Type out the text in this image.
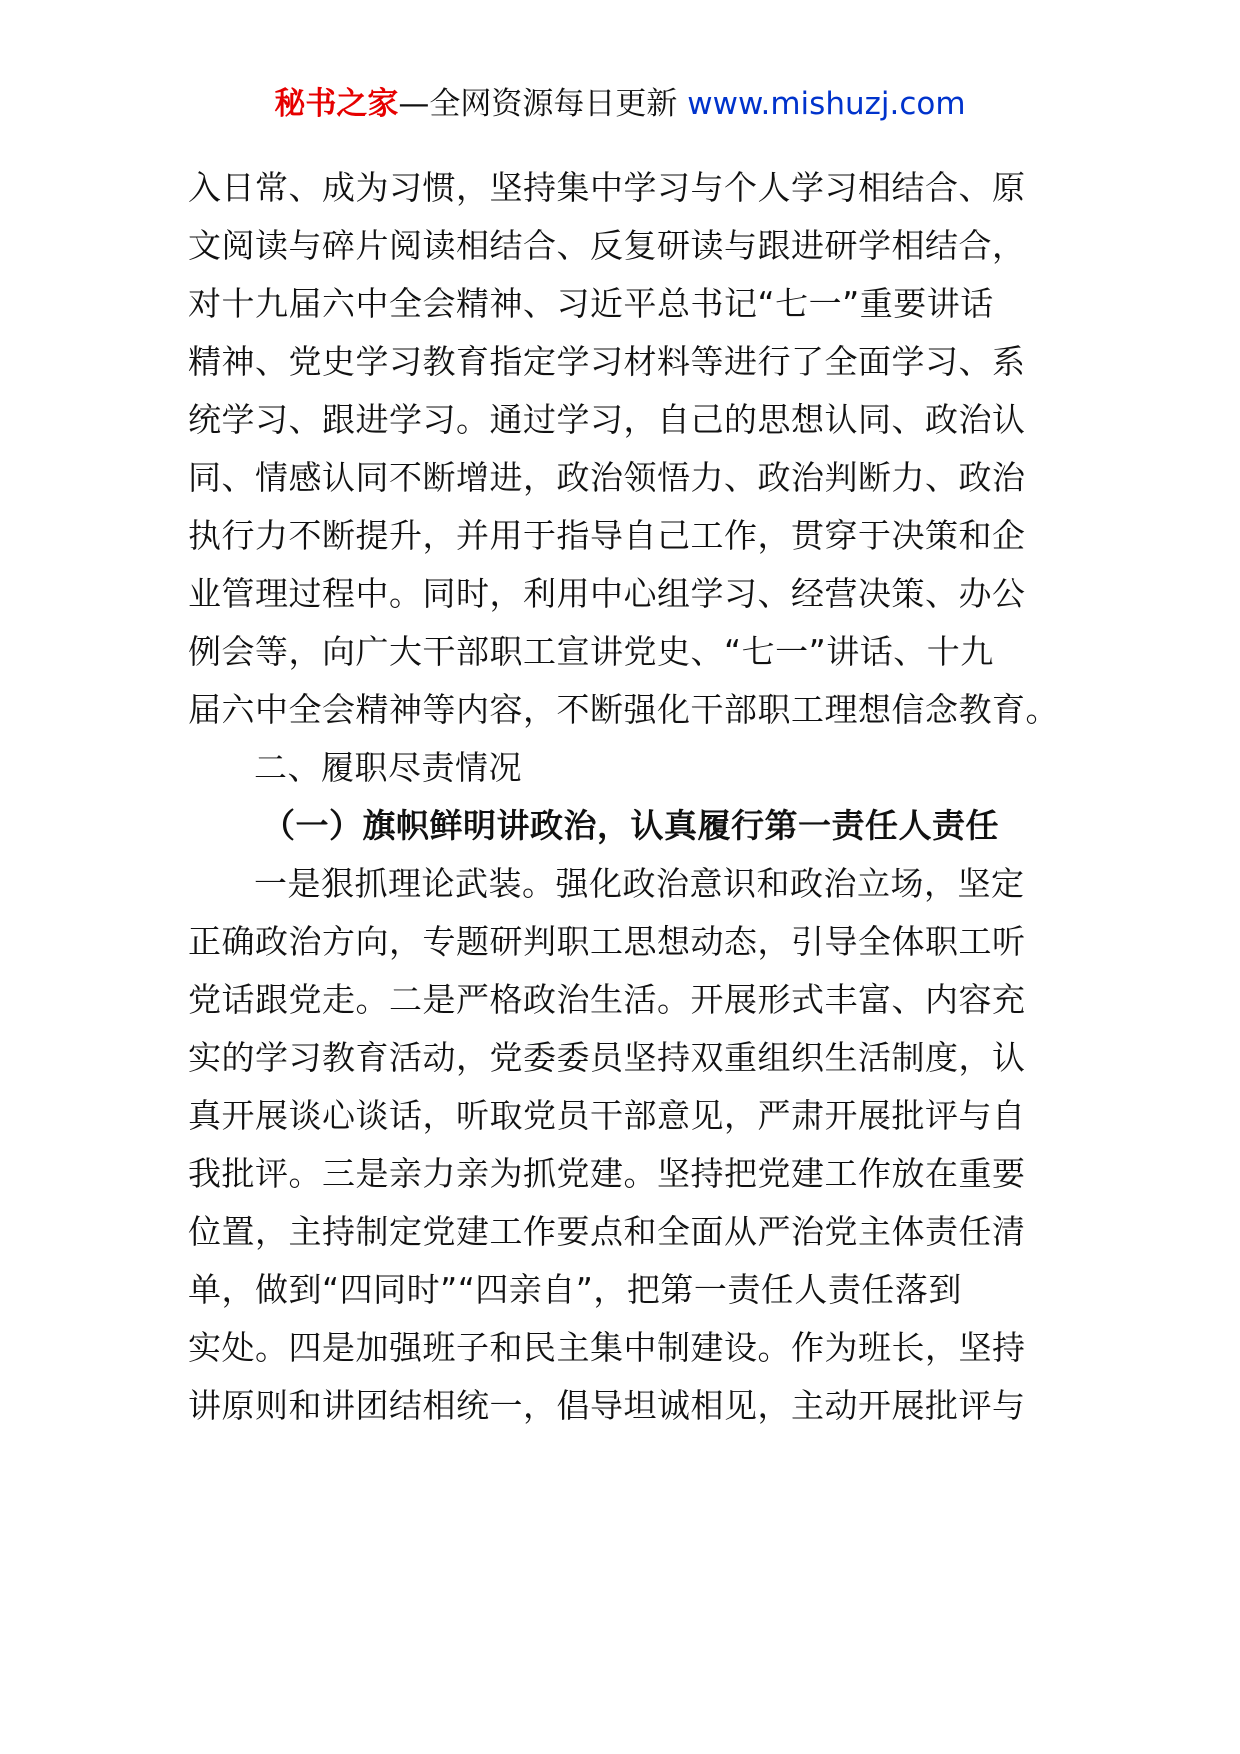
秘书之家—全网资源每日更新 www.mishuzj.com
入日常、成为习惯，坚持集中学习与个人学习相结合、原
文阅读与碎片阅读相结合、反复研读与跟进研学相结合，
对十九届六中全会精神、习近平总书记“七一”重要讲话
精神、党史学习教育指定学习材料等进行了全面学习、系
统学习、跟进学习。通过学习，自己的思想认同、政治认
同、情感认同不断增进，政治领悟力、政治判断力、政治
执行力不断提升，并用于指导自己工作，贯穿于决策和企
业管理过程中。同时，利用中心组学习、经营决策、办公
例会等，向广大干部职工宣讲党史、“七一”讲话、十九
届六中全会精神等内容，不断强化干部职工理想信念教育。
二、履职尽责情况
（一）旗帜鲜明讲政治，认真履行第一责任人责任
一是狠抓理论武装。强化政治意识和政治立场，坚定
正确政治方向，专题研判职工思想动态，引导全体职工听
党话跟党走。二是严格政治生活。开展形式丰富、内容充
实的学习教育活动，党委委员坚持双重组织生活制度，认
真开展谈心谈话，听取党员干部意见，严肃开展批评与自
我批评。三是亲力亲为抓党建。坚持把党建工作放在重要
位置，主持制定党建工作要点和全面从严治党主体责任清
单，做到“四同时”“四亲自”，把第一责任人责任落到
实处。四是加强班子和民主集中制建设。作为班长，坚持
讲原则和讲团结相统一，倡导坦诚相见，主动开展批评与
